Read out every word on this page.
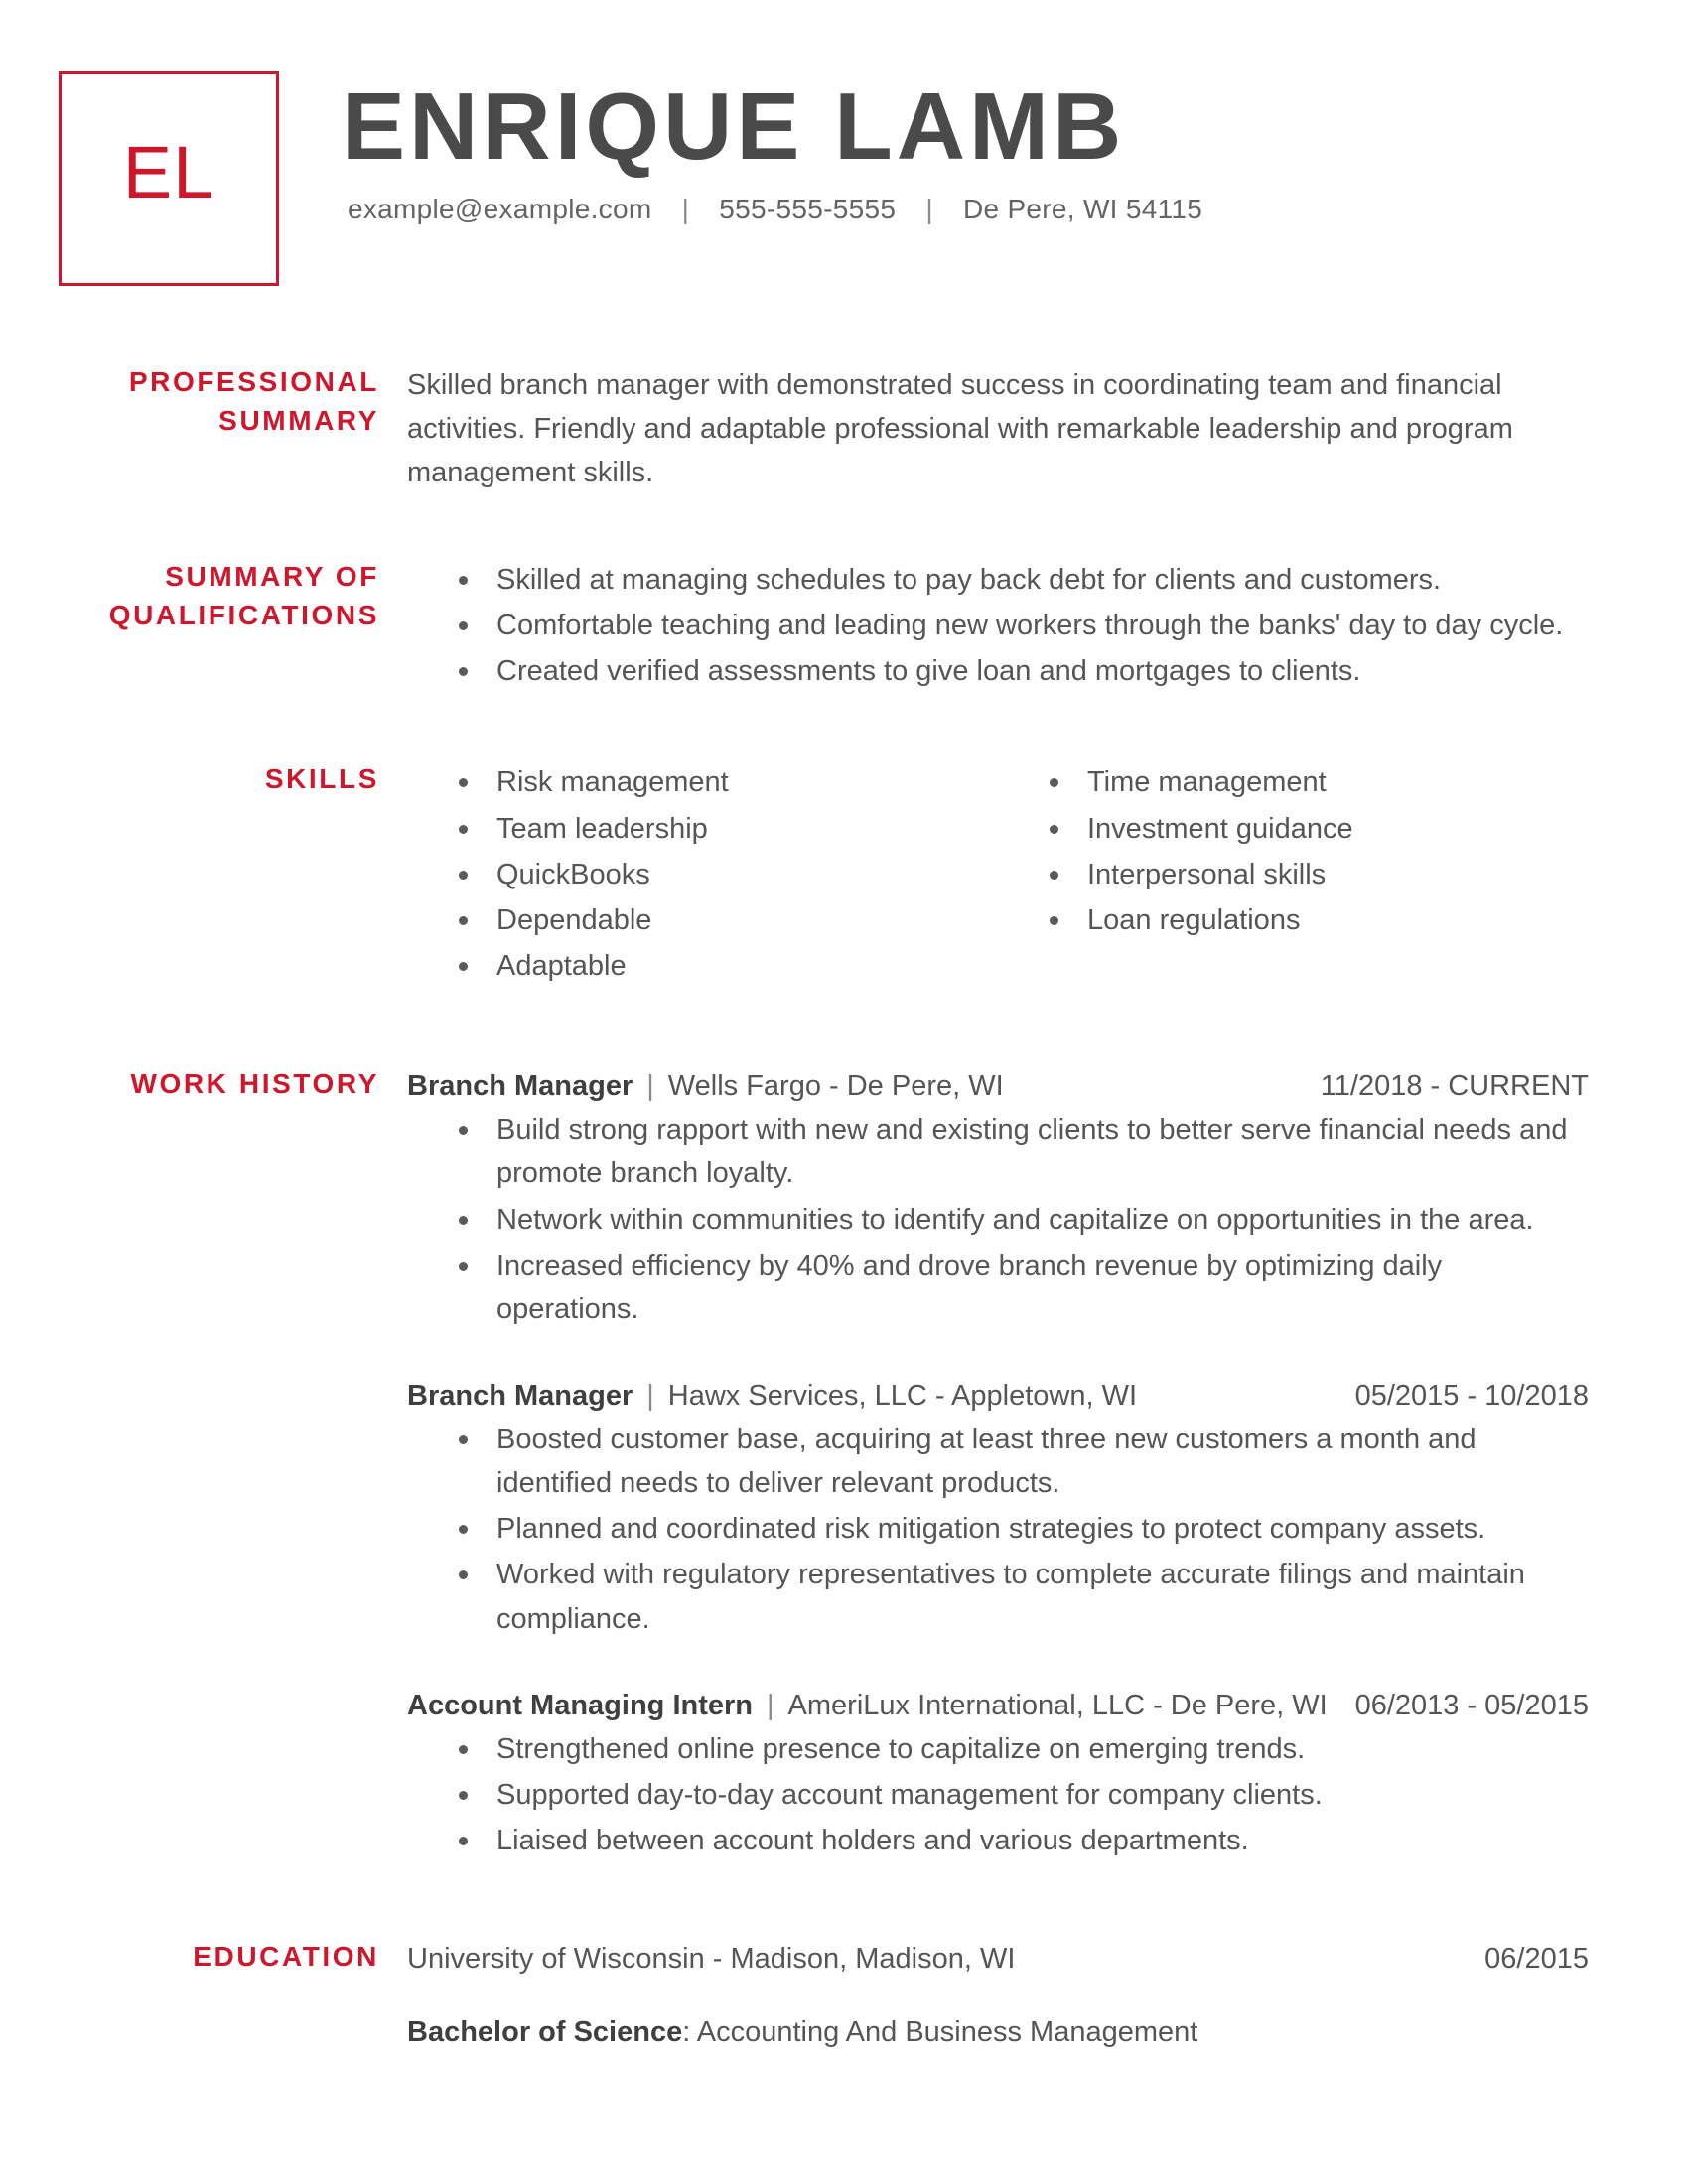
EL ENRIQUE LAMB
example@example.com | 555-555-5555 | De Pere, WI 54115
PROFESSIONAL SUMMARY
Skilled branch manager with demonstrated success in coordinating team and financial activities. Friendly and adaptable professional with remarkable leadership and program management skills.
SUMMARY OF QUALIFICATIONS
Skilled at managing schedules to pay back debt for clients and customers.
Comfortable teaching and leading new workers through the banks' day to day cycle.
Created verified assessments to give loan and mortgages to clients.
SKILLS	Risk management
Team leadership
QuickBooks
Dependable
Adaptable
Time management
Investment guidance
Interpersonal skills
Loan regulations
WORK HISTORY Branch Manager | Wells Fargo - De Pere, WI	11/2018 - CURRENT
Build strong rapport with new and existing clients to better serve financial needs and promote branch loyalty.
Network within communities to identify and capitalize on opportunities in the area.
Increased efficiency by 40% and drove branch revenue by optimizing daily operations.
Branch Manager | Hawx Services, LLC - Appletown, WI	05/2015 - 10/2018
Boosted customer base, acquiring at least three new customers a month and identified needs to deliver relevant products.
Planned and coordinated risk mitigation strategies to protect company assets.
Worked with regulatory representatives to complete accurate filings and maintain compliance.
Account Managing Intern | AmeriLux International, LLC - De Pere, WI 06/2013 - 05/2015
Strengthened online presence to capitalize on emerging trends.
Supported day-to-day account management for company clients.
Liaised between account holders and various departments.
EDUCATION University of Wisconsin - Madison, Madison, WI	06/2015
Bachelor of Science: Accounting And Business Management
